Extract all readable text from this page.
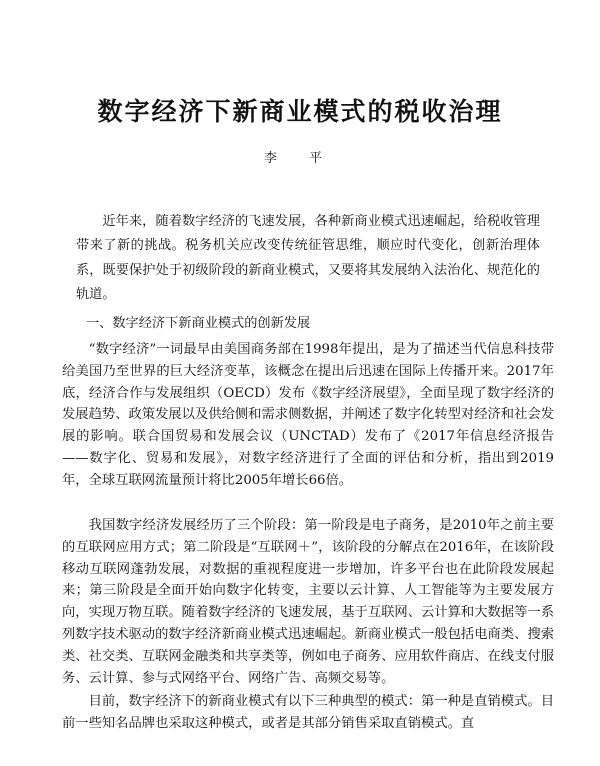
数字经济下新商业模式的税收治理
李 平

近年来，随着数字经济的飞速发展，各种新商业模式迅速崛起，给税收管理带来了新的挑战。税务机关应改变传统征管思维，顺应时代变化，创新治理体系，既要保护处于初级阶段的新商业模式，又要将其发展纳入法治化、规范化的轨道。

一、数字经济下新商业模式的创新发展

“数字经济”一词最早由美国商务部在1998年提出，是为了描述当代信息科技带给美国乃至世界的巨大经济变革，该概念在提出后迅速在国际上传播开来。2017年底，经济合作与发展组织（OECD）发布《数字经济展望》，全面呈现了数字经济的发展趋势、政策发展以及供给侧和需求侧数据，并阐述了数字化转型对经济和社会发展的影响。联合国贸易和发展会议（UNCTAD）发布了《2017年信息经济报告——数字化、贸易和发展》，对数字经济进行了全面的评估和分析，指出到2019年，全球互联网流量预计将比2005年增长66倍。

我国数字经济发展经历了三个阶段：第一阶段是电子商务，是2010年之前主要的互联网应用方式；第二阶段是“互联网＋”，该阶段的分解点在2016年，在该阶段移动互联网蓬勃发展，对数据的重视程度进一步增加，许多平台也在此阶段发展起来；第三阶段是全面开始向数字化转变，主要以云计算、人工智能等为主要发展方向，实现万物互联。随着数字经济的飞速发展，基于互联网、云计算和大数据等一系列数字技术驱动的数字经济新商业模式迅速崛起。新商业模式一般包括电商类、搜索类、社交类、互联网金融类和共享类等，例如电子商务、应用软件商店、在线支付服务、云计算、参与式网络平台、网络广告、高频交易等。

目前，数字经济下的新商业模式有以下三种典型的模式：第一种是直销模式。目前一些知名品牌也采取这种模式，或者是其部分销售采取直销模式。直
